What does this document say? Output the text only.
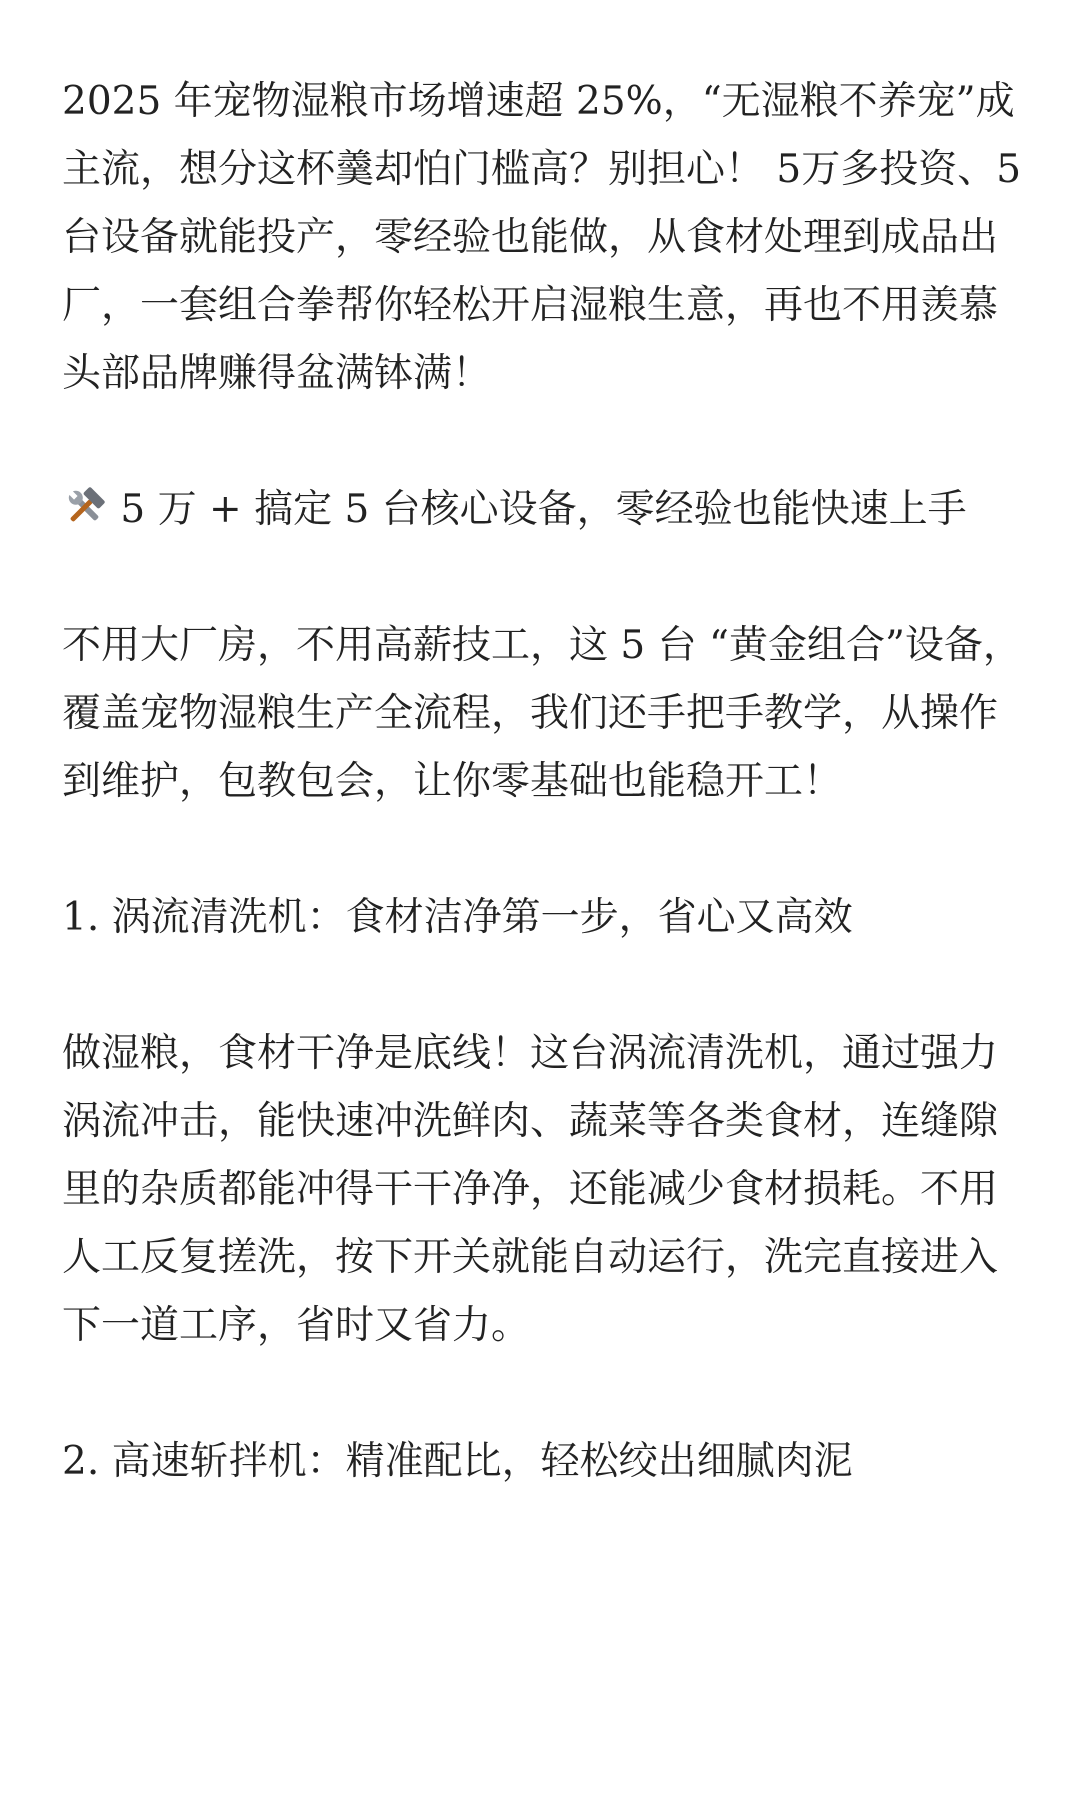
2025 年宠物湿粮市场增速超 25%，“无湿粮不养宠”成主流，想分这杯羹却怕门槛高？别担心！ 5万多投资、5 台设备就能投产，零经验也能做，从食材处理到成品出厂，一套组合拳帮你轻松开启湿粮生意，再也不用羡慕头部品牌赚得盆满钵满！

5 万 + 搞定 5 台核心设备，零经验也能快速上手

不用大厂房，不用高薪技工，这 5 台 “黄金组合”设备，覆盖宠物湿粮生产全流程，我们还手把手教学，从操作到维护，包教包会，让你零基础也能稳开工！

1. 涡流清洗机：食材洁净第一步，省心又高效

做湿粮，食材干净是底线！这台涡流清洗机，通过强力涡流冲击，能快速冲洗鲜肉、蔬菜等各类食材，连缝隙里的杂质都能冲得干干净净，还能减少食材损耗。不用人工反复搓洗，按下开关就能自动运行，洗完直接进入下一道工序，省时又省力。

2. 高速斩拌机：精准配比，轻松绞出细腻肉泥
